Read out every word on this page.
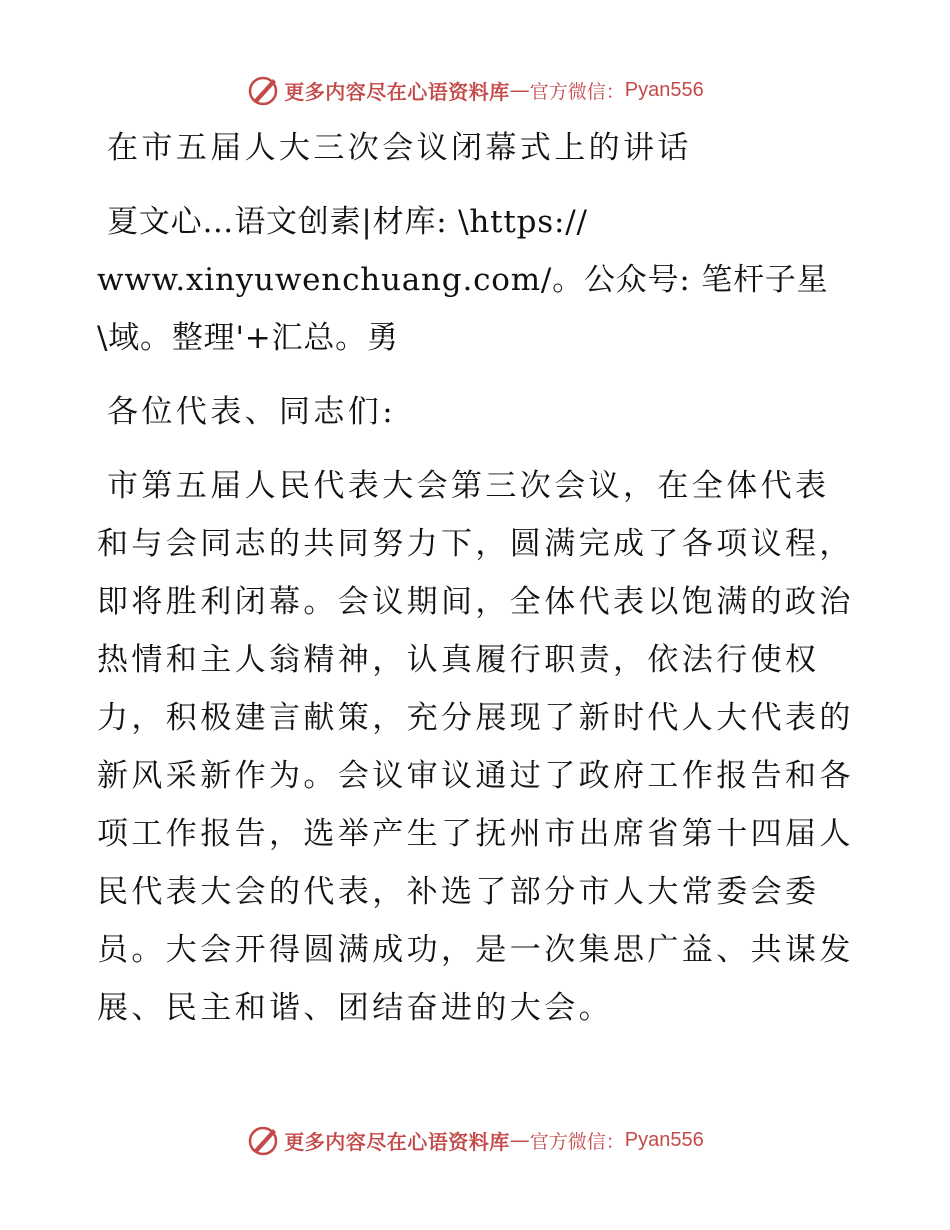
更多内容尽在心语资料库 — 官方微信： Pyan556
在市五届人大三次会议闭幕式上的讲话
夏文心…语文创素|材库: \https://
www.xinyuwenchuang.com/。公众号: 笔杆子星
\域。整理'+汇总。勇
各位代表、同志们:
市第五届人民代表大会第三次会议，在全体代表
和与会同志的共同努力下，圆满完成了各项议程，
即将胜利闭幕。会议期间，全体代表以饱满的政治
热情和主人翁精神，认真履行职责，依法行使权
力，积极建言献策，充分展现了新时代人大代表的
新风采新作为。会议审议通过了政府工作报告和各
项工作报告，选举产生了抚州市出席省第十四届人
民代表大会的代表，补选了部分市人大常委会委
员。大会开得圆满成功，是一次集思广益、共谋发
展、民主和谐、团结奋进的大会。
更多内容尽在心语资料库 — 官方微信： Pyan556
